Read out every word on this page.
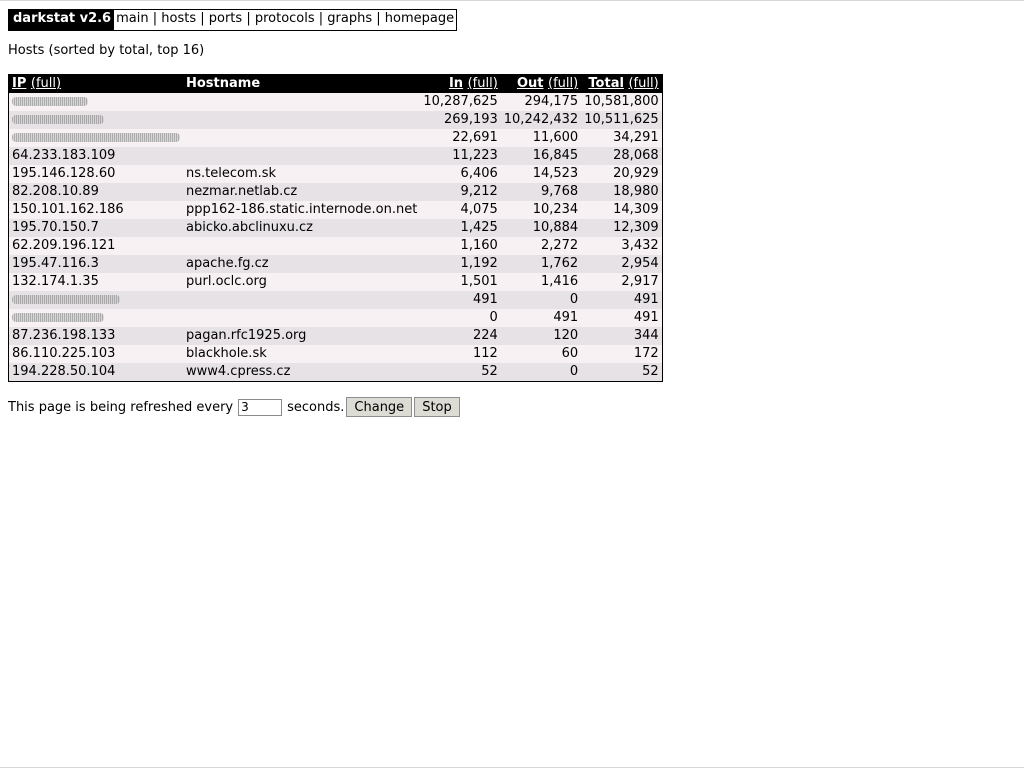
darkstat v2.6 main | hosts | ports | protocols | graphs | homepage
Hosts (sorted by total, top 16)
IP (full)	Hostname	In (full)	Out (full)	Total (full)
		10,287,625	294,175	10,581,800
		269,193	10,242,432	10,511,625
		22,691	11,600	34,291
64.233.183.109		11,223	16,845	28,068
195.146.128.60	ns.telecom.sk	6,406	14,523	20,929
82.208.10.89	nezmar.netlab.cz	9,212	9,768	18,980
150.101.162.186	ppp162-186.static.internode.on.net	4,075	10,234	14,309
195.70.150.7	abicko.abclinuxu.cz	1,425	10,884	12,309
62.209.196.121		1,160	2,272	3,432
195.47.116.3	apache.fg.cz	1,192	1,762	2,954
132.174.1.35	purl.oclc.org	1,501	1,416	2,917
		491	0	491
		0	491	491
87.236.198.133	pagan.rfc1925.org	224	120	344
86.110.225.103	blackhole.sk	112	60	172
194.228.50.104	www4.cpress.cz	52	0	52
This page is being refreshed every
3	seconds. Change	Stop
